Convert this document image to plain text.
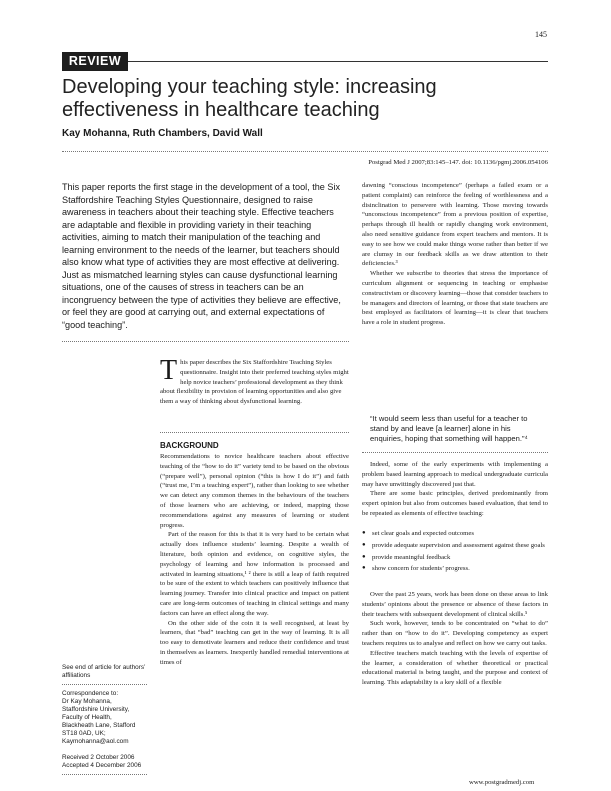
145
REVIEW
Developing your teaching style: increasing effectiveness in healthcare teaching
Kay Mohanna, Ruth Chambers, David Wall
Postgrad Med J 2007;83:145–147. doi: 10.1136/pgmj.2006.054106

This paper reports the first stage in the development of a tool, the Six Staffordshire Teaching Styles Questionnaire, designed to raise awareness in teachers about their teaching style. Effective teachers are adaptable and flexible in providing variety in their teaching activities, aiming to match their manipulation of the teaching and learning environment to the needs of the learner, but teachers should also know what type of activities they are most effective at delivering. Just as mismatched learning styles can cause dysfunctional learning situations, one of the causes of stress in teachers can be an incongruency between the type of activities they believe are effective, or feel they are good at carrying out, and external expectations of “good teaching”.

This paper describes the Six Staffordshire Teaching Styles questionnaire. Insight into their preferred teaching styles might help novice teachers’ professional development as they think about flexibility in provision of learning opportunities and also give them a way of thinking about dysfunctional learning.
BACKGROUND

Recommendations to novice healthcare teachers about effective teaching of the “how to do it” variety tend to be based on the obvious (“prepare well”), personal opinion (“this is how I do it”) and faith (“trust me, I’m a teaching expert”), rather than looking to see whether we can detect any common themes in the behaviours of the teachers of those learners who are achieving, or indeed, mapping those recommendations against any measures of learning or student progress.

Part of the reason for this is that it is very hard to be certain what actually does influence students’ learning. Despite a wealth of literature, both opinion and evidence, on cognitive styles, the psychology of learning and how information is processed and activated in learning situations,¹ ² there is still a leap of faith required to be sure of the extent to which teachers can positively influence that learning journey. Transfer into clinical practice and impact on patient care are long-term outcomes of teaching in clinical settings and many factors can have an effect along the way.

On the other side of the coin it is well recognised, at least by learners, that “bad” teaching can get in the way of learning. It is all too easy to demotivate learners and reduce their confidence and trust in themselves as learners. Inexpertly handled remedial interventions at times of

dawning “conscious incompetence” (perhaps a failed exam or a patient complaint) can reinforce the feeling of worthlessness and a disinclination to persevere with learning. Those moving towards “unconscious incompetence” from a previous position of expertise, perhaps through ill health or rapidly changing work environment, also need sensitive guidance from expert teachers and mentors. It is easy to see how we could make things worse rather than better if we are clumsy in our feedback skills as we draw attention to their deficiencies.³

Whether we subscribe to theories that stress the importance of curriculum alignment or sequencing in teaching or emphasise constructivism or discovery learning—those that consider teachers to be managers and directors of learning, or those that state teachers are best employed as facilitators of learning—it is clear that teachers have a role in student progress.

“It would seem less than useful for a teacher to stand by and leave [a learner] alone in his enquiries, hoping that something will happen.”⁴

Indeed, some of the early experiments with implementing a problem based learning approach to medical undergraduate curricula may have unwittingly discovered just that.

There are some basic principles, derived predominantly from expert opinion but also from outcomes based evaluation, that tend to be repeated as elements of effective teaching:

● set clear goals and expected outcomes
● provide adequate supervision and assessment against these goals
● provide meaningful feedback
● show concern for students’ progress.

Over the past 25 years, work has been done on these areas to link students’ opinions about the presence or absence of these factors in their teachers with subsequent development of clinical skills.⁵

Such work, however, tends to be concentrated on “what to do” rather than on “how to do it”. Developing competency as expert teachers requires us to analyse and reflect on how we carry out tasks.

Effective teachers match teaching with the levels of expertise of the learner, a consideration of whether theoretical or practical educational material is being taught, and the purpose and context of learning. This adaptability is a key skill of a flexible

See end of article for authors’ affiliations
Correspondence to:
Dr Kay Mohanna,
Staffordshire University,
Faculty of Health,
Blackheath Lane, Stafford
ST18 0AD, UK;
Kaymohanna@aol.com
Received 2 October 2006
Accepted 4 December 2006
www.postgradmedj.com
